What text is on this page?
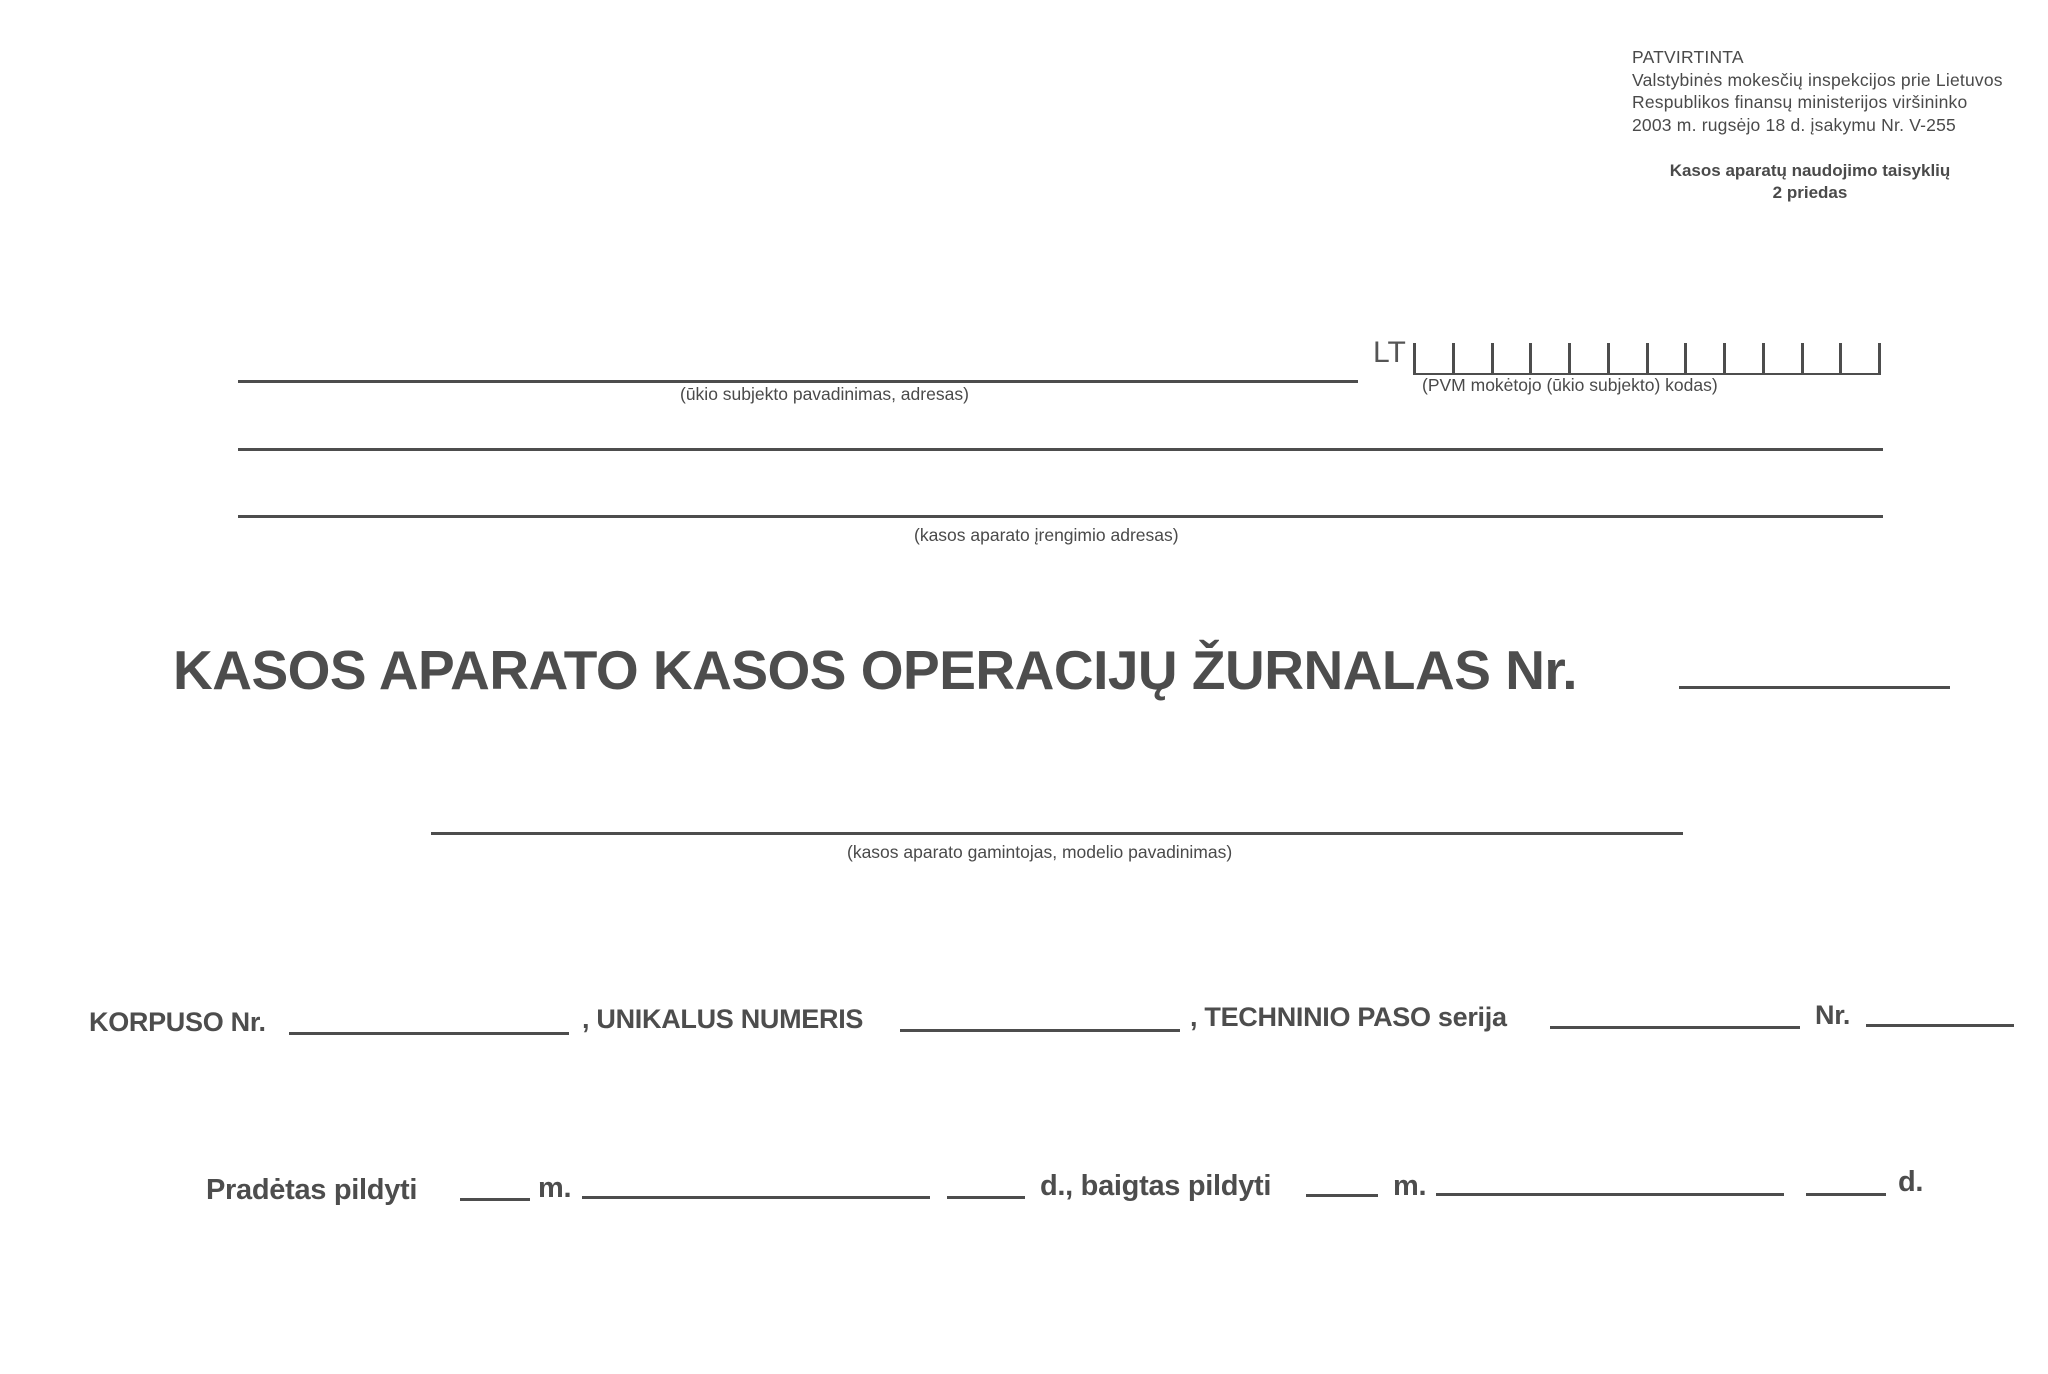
PATVIRTINTA
Valstybinės mokesčių inspekcijos prie Lietuvos
Respublikos finansų ministerijos viršininko
2003 m. rugsėjo 18 d. įsakymu Nr. V-255
Kasos aparatų naudojimo taisyklių
2 priedas
(ūkio subjekto pavadinimas, adresas)
LT
(PVM mokėtojo (ūkio subjekto) kodas)
(kasos aparato įrengimio adresas)
KASOS APARATO KASOS OPERACIJŲ ŽURNALAS Nr.
(kasos aparato gamintojas, modelio pavadinimas)
KORPUSO Nr.	, UNIKALUS NUMERIS	, TECHNINIO PASO serija	Nr.
Pradėtas pildyti	m.	d., baigtas pildyti	m.	d.
